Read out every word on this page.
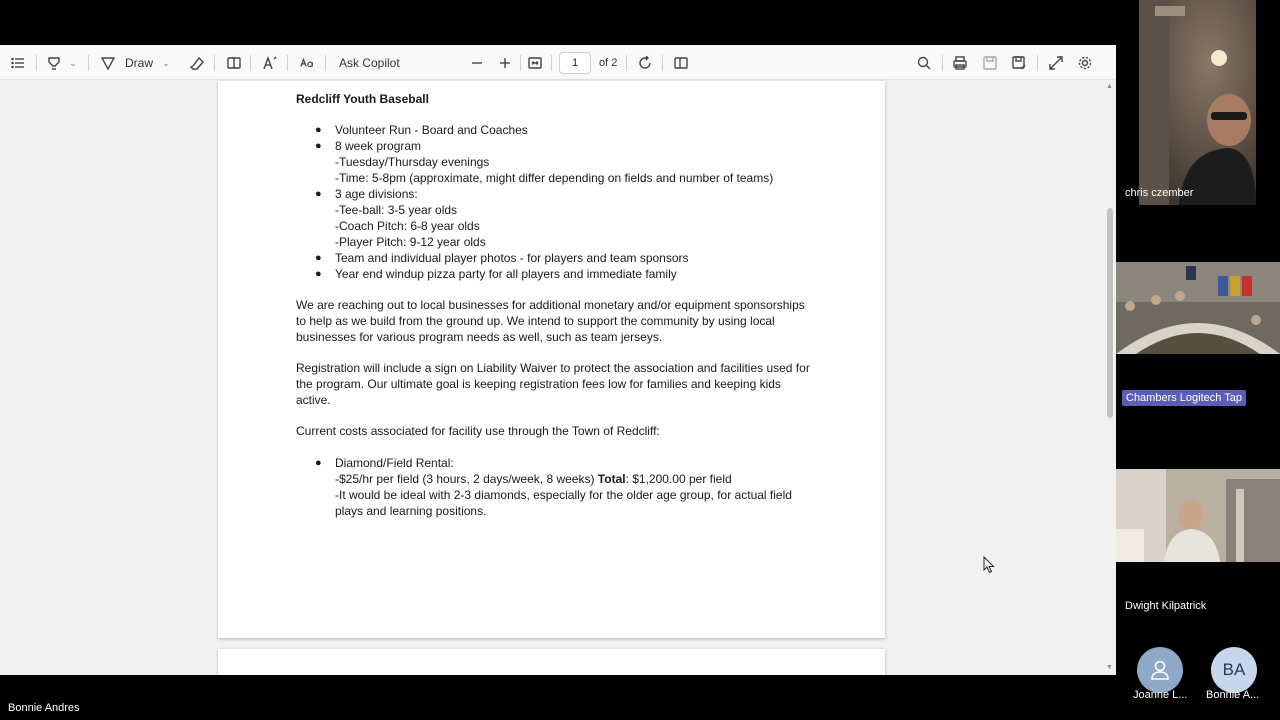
⌄	Draw ⌄	Ask Copilot	1	of 2
Redcliff Youth Baseball
● Volunteer Run - Board and Coaches
● 8 week program
-Tuesday/Thursday evenings
-Time: 5-8pm (approximate, might differ depending on fields and number of teams)
● 3 age divisions:
-Tee-ball: 3-5 year olds
-Coach Pitch: 6-8 year olds
-Player Pitch: 9-12 year olds
● Team and individual player photos - for players and team sponsors
● Year end windup pizza party for all players and immediate family

We are reaching out to local businesses for additional monetary and/or equipment sponsorships to help as we build from the ground up. We intend to support the community by using local businesses for various program needs as well, such as team jerseys.

Registration will include a sign on Liability Waiver to protect the association and facilities used for the program. Our ultimate goal is keeping registration fees low for families and keeping kids active.

Current costs associated for facility use through the Town of Redcliff:

● Diamond/Field Rental:
-$25/hr per field (3 hours, 2 days/week, 8 weeks) Total: $1,200.00 per field
-It would be ideal with 2-3 diamonds, especially for the older age group, for actual field plays and learning positions.
▲
▼
chris czember
Chambers Logitech Tap
Dwight Kilpatrick
Joanne L...
BA
Bonnie A...
Bonnie Andres
